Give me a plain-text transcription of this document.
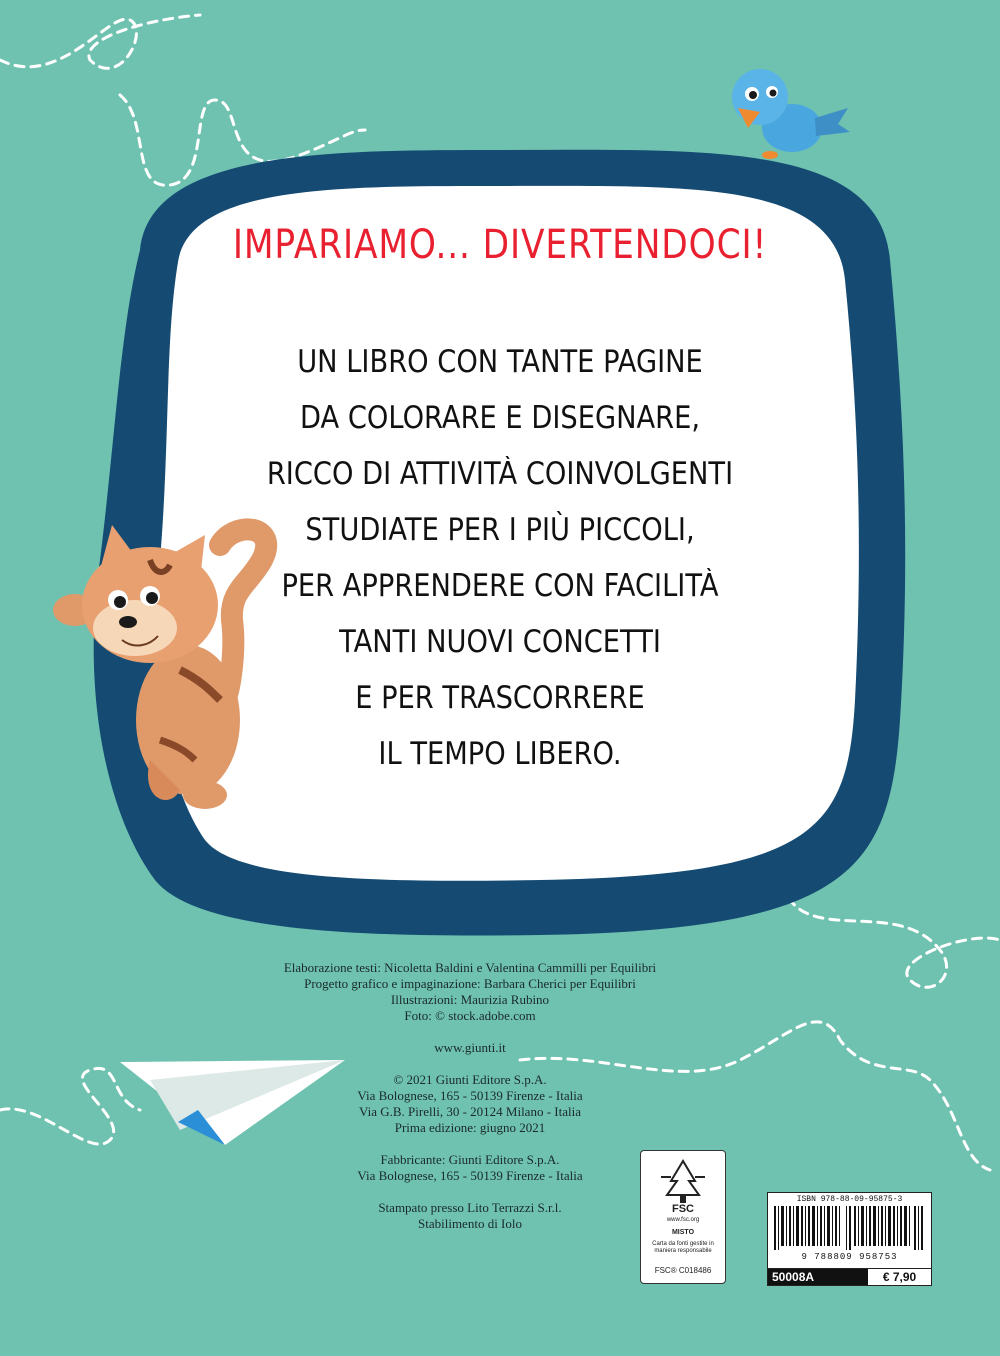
IMPARIAMO... DIVERTENDOCI!
UN LIBRO CON TANTE PAGINE
DA COLORARE E DISEGNARE,
RICCO DI ATTIVITÀ COINVOLGENTI
STUDIATE PER I PIÙ PICCOLI,
PER APPRENDERE CON FACILITÀ
TANTI NUOVI CONCETTI
E PER TRASCORRERE
IL TEMPO LIBERO.
Elaborazione testi: Nicoletta Baldini e Valentina Cammilli per Equilibri
Progetto grafico e impaginazione: Barbara Cherici per Equilibri
Illustrazioni: Maurizia Rubino
Foto: © stock.adobe.com
www.giunti.it
© 2021 Giunti Editore S.p.A.
Via Bolognese, 165 - 50139 Firenze - Italia
Via G.B. Pirelli, 30 - 20124 Milano - Italia
Prima edizione: giugno 2021
Fabbricante: Giunti Editore S.p.A.
Via Bolognese, 165 - 50139 Firenze - Italia
Stampato presso Lito Terrazzi S.r.l.
Stabilimento di Iolo
FSC
www.fsc.org
MISTO
Carta da fonti gestite in maniera responsabile
FSC® C018486
ISBN 978-88-09-95875-3
9 788809 958753
50008A	€ 7,90
